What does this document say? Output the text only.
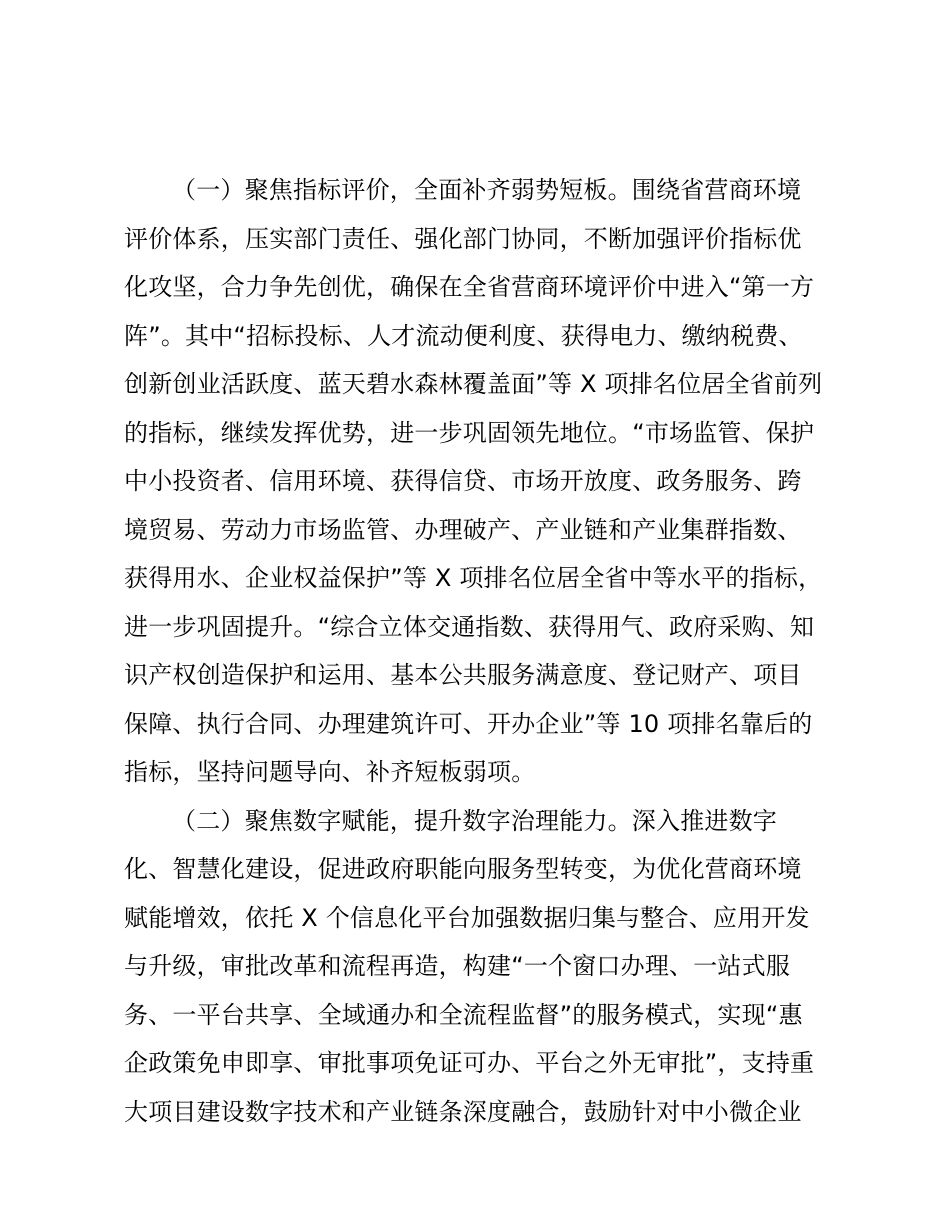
（一）聚焦指标评价，全面补齐弱势短板。围绕省营商环境
评价体系，压实部门责任、强化部门协同，不断加强评价指标优
化攻坚，合力争先创优，确保在全省营商环境评价中进入“第一方
阵”。其中“招标投标、人才流动便利度、获得电力、缴纳税费、
创新创业活跃度、蓝天碧水森林覆盖面”等 X 项排名位居全省前列
的指标，继续发挥优势，进一步巩固领先地位。“市场监管、保护
中小投资者、信用环境、获得信贷、市场开放度、政务服务、跨
境贸易、劳动力市场监管、办理破产、产业链和产业集群指数、
获得用水、企业权益保护”等 X 项排名位居全省中等水平的指标，
进一步巩固提升。“综合立体交通指数、获得用气、政府采购、知
识产权创造保护和运用、基本公共服务满意度、登记财产、项目
保障、执行合同、办理建筑许可、开办企业”等 10 项排名靠后的
指标，坚持问题导向、补齐短板弱项。
（二）聚焦数字赋能，提升数字治理能力。深入推进数字
化、智慧化建设，促进政府职能向服务型转变，为优化营商环境
赋能增效，依托 X 个信息化平台加强数据归集与整合、应用开发
与升级，审批改革和流程再造，构建“一个窗口办理、一站式服
务、一平台共享、全域通办和全流程监督”的服务模式，实现“惠
企政策免申即享、审批事项免证可办、平台之外无审批”，支持重
大项目建设数字技术和产业链条深度融合，鼓励针对中小微企业
